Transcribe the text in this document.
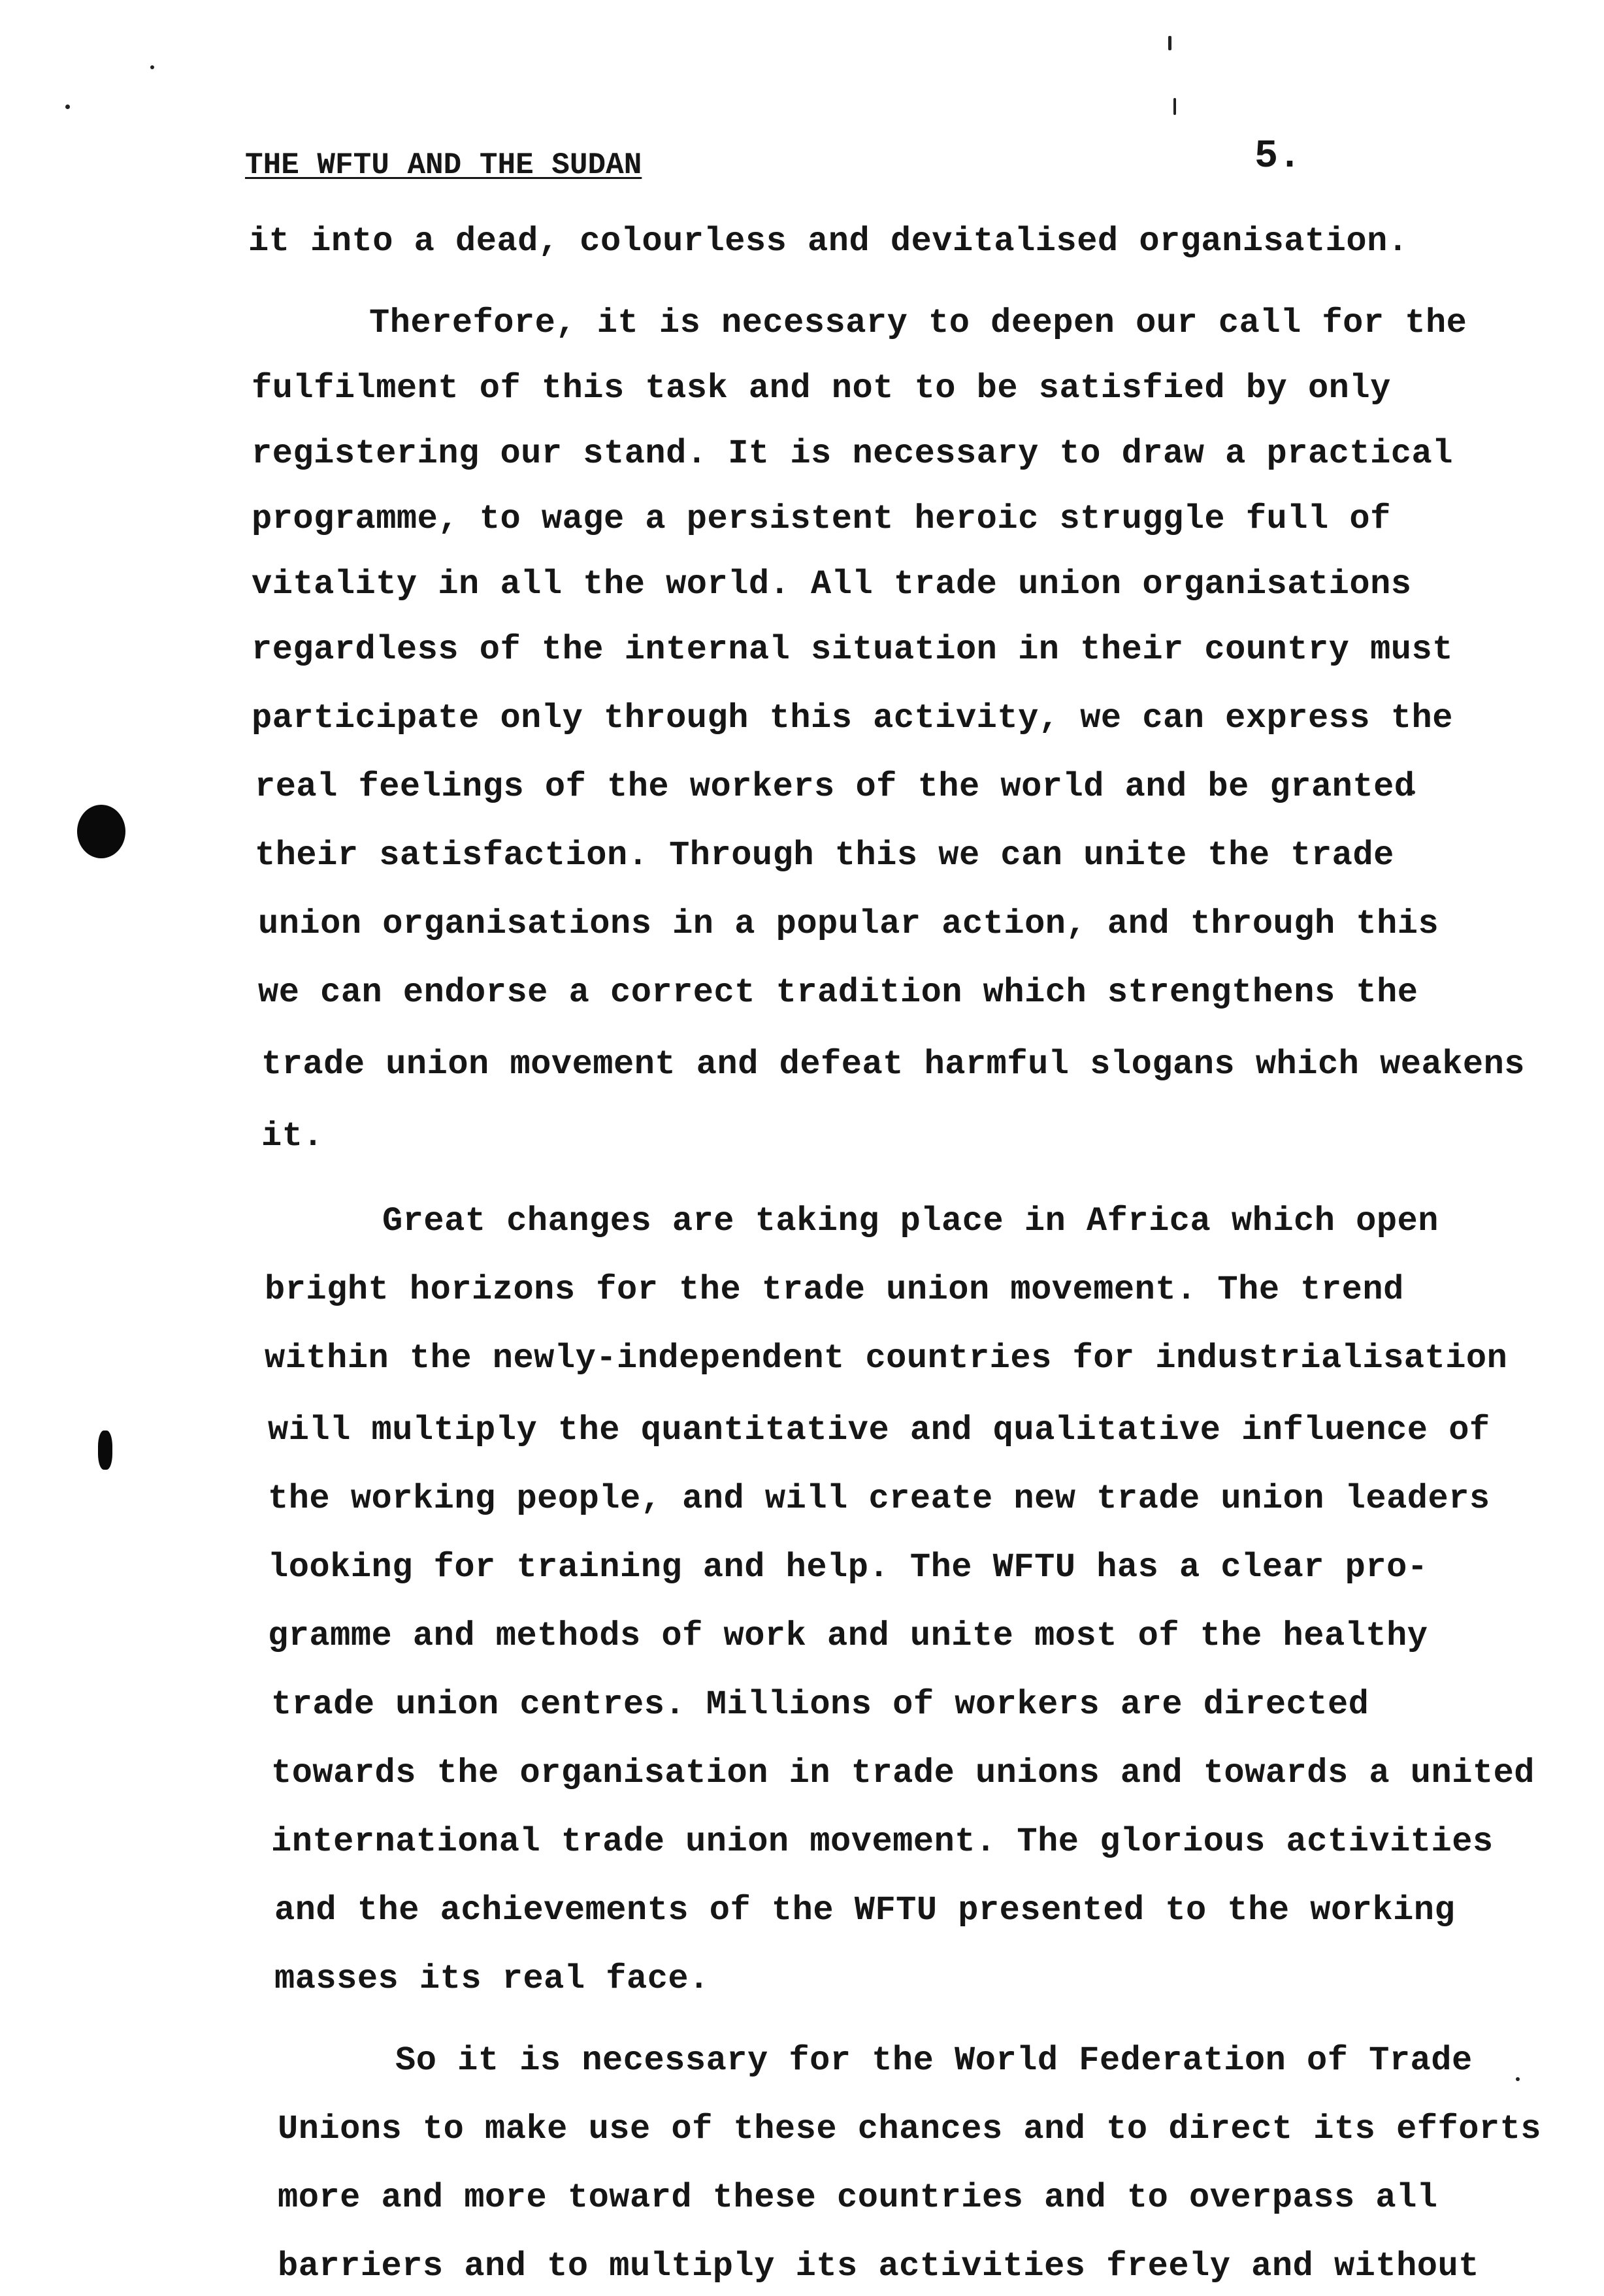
THE WFTU AND THE SUDAN	5.
it into a dead, colourless and devitalised organisation.
Therefore, it is necessary to deepen our call for the
fulfilment of this task and not to be satisfied by only
registering our stand. It is necessary to draw a practical
programme, to wage a persistent heroic struggle full of
vitality in all the world. All trade union organisations
regardless of the internal situation in their country must
participate only through this activity, we can express the
real feelings of the workers of the world and be granted
their satisfaction. Through this we can unite the trade
union organisations in a popular action, and through this
we can endorse a correct tradition which strengthens the
trade union movement and defeat harmful slogans which weakens
it.
Great changes are taking place in Africa which open
bright horizons for the trade union movement. The trend
within the newly-independent countries for industrialisation
will multiply the quantitative and qualitative influence of
the working people, and will create new trade union leaders
looking for training and help. The WFTU has a clear pro-
gramme and methods of work and unite most of the healthy
trade union centres. Millions of workers are directed
towards the organisation in trade unions and towards a united
international trade union movement. The glorious activities
and the achievements of the WFTU presented to the working
masses its real face.
So it is necessary for the World Federation of Trade
Unions to make use of these chances and to direct its efforts
more and more toward these countries and to overpass all
barriers and to multiply its activities freely and without
